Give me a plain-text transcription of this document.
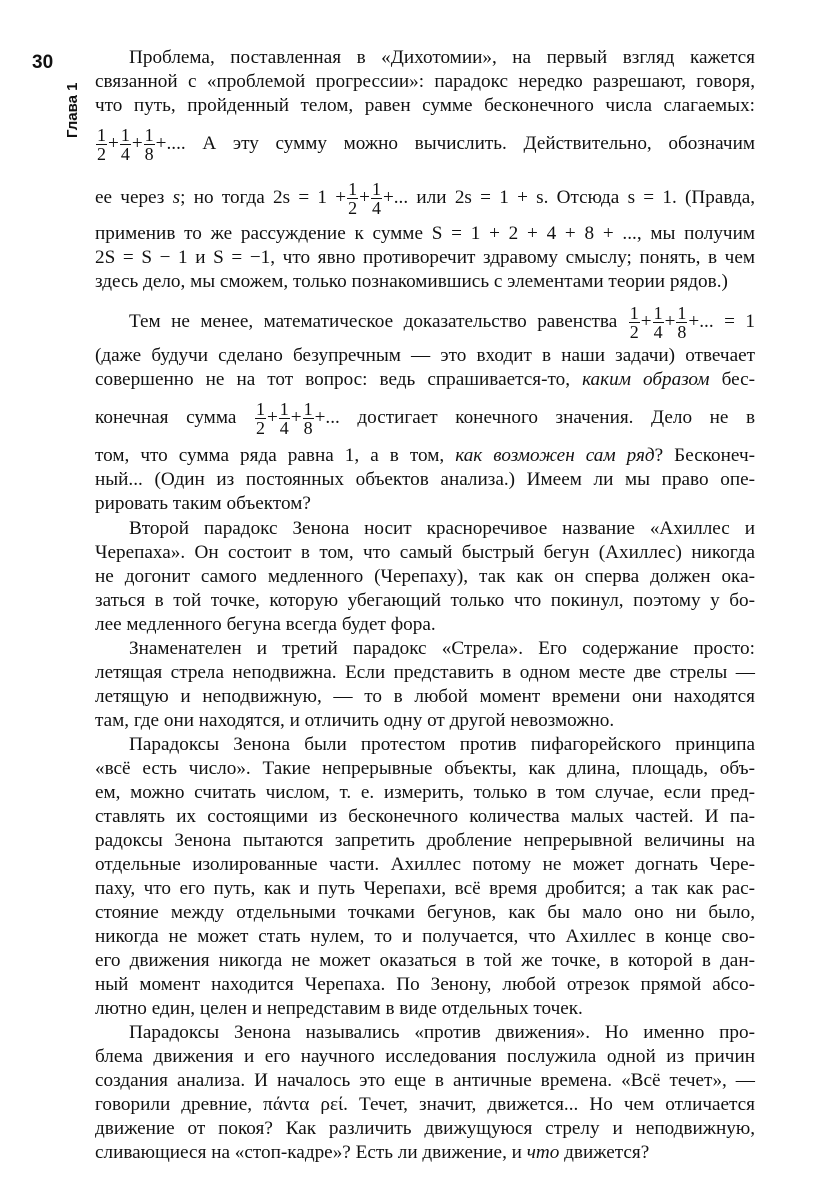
30
Глава 1
Проблема, поставленная в «Дихотомии», на первый взгляд кажется
связанной с «проблемой прогрессии»: парадокс нередко разрешают, говоря,
что путь, пройденный телом, равен сумме бесконечного числа слагаемых:
$\frac{1}{2} + \frac{1}{4} + \frac{1}{8}$ +.... А эту сумму можно вычислить. Действительно, обозначим
ее через s; но тогда $2s = 1 + \frac{1}{2} + \frac{1}{4}$ +... или 2s = 1 + s. Отсюда s = 1. (Правда,
применив то же рассуждение к сумме S = 1 + 2 + 4 + 8 + ..., мы получим
2S = S − 1 и S = −1, что явно противоречит здравому смыслу; понять, в чем
здесь дело, мы сможем, только познакомившись с элементами теории рядов.)
Тем не менее, математическое доказательство равенства $\frac{1}{2} + \frac{1}{4} + \frac{1}{8}$ +... = 1
(даже будучи сделано безупречным — это входит в наши задачи) отвечает
совершенно не на тот вопрос: ведь спрашивается-то, каким образом бес-
конечная сумма $\frac{1}{2} + \frac{1}{4} + \frac{1}{8}$ +... достигает конечного значения. Дело не в
том, что сумма ряда равна 1, а в том, как возможен сам ряд? Бесконеч-
ный... (Один из постоянных объектов анализа.) Имеем ли мы право опе-
рировать таким объектом?
Второй парадокс Зенона носит красноречивое название «Ахиллес и
Черепаха». Он состоит в том, что самый быстрый бегун (Ахиллес) никогда
не догонит самого медленного (Черепаху), так как он сперва должен ока-
заться в той точке, которую убегающий только что покинул, поэтому у бо-
лее медленного бегуна всегда будет фора.
Знаменателен и третий парадокс «Стрела». Его содержание просто:
летящая стрела неподвижна. Если представить в одном месте две стрелы —
летящую и неподвижную, — то в любой момент времени они находятся
там, где они находятся, и отличить одну от другой невозможно.
Парадоксы Зенона были протестом против пифагорейского принципа
«всё есть число». Такие непрерывные объекты, как длина, площадь, объ-
ем, можно считать числом, т. е. измерить, только в том случае, если пред-
ставлять их состоящими из бесконечного количества малых частей. И па-
радоксы Зенона пытаются запретить дробление непрерывной величины на
отдельные изолированные части. Ахиллес потому не может догнать Чере-
паху, что его путь, как и путь Черепахи, всё время дробится; а так как рас-
стояние между отдельными точками бегунов, как бы мало оно ни было,
никогда не может стать нулем, то и получается, что Ахиллес в конце сво-
его движения никогда не может оказаться в той же точке, в которой в дан-
ный момент находится Черепаха. По Зенону, любой отрезок прямой абсо-
лютно един, целен и непредставим в виде отдельных точек.
Парадоксы Зенона назывались «против движения». Но именно про-
блема движения и его научного исследования послужила одной из причин
создания анализа. И началось это еще в античные времена. «Всё течет», —
говорили древние, πάντα ρεί. Течет, значит, движется... Но чем отличается
движение от покоя? Как различить движущуюся стрелу и неподвижную,
сливающиеся на «стоп-кадре»? Есть ли движение, и что движется?
